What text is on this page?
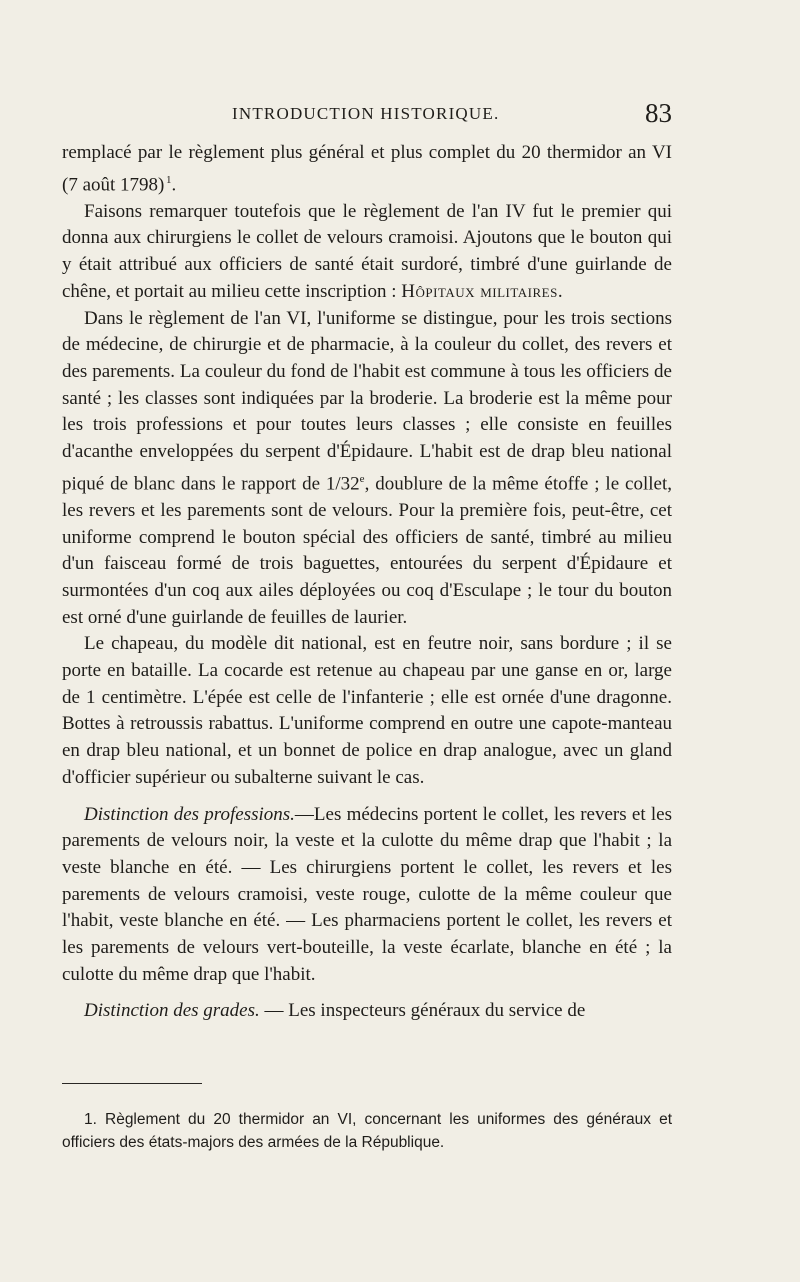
INTRODUCTION HISTORIQUE.	83

remplacé par le règlement plus général et plus complet du 20 thermidor an VI (7 août 1798)  $^1$.

Faisons remarquer toutefois que le règlement de l'an IV fut le premier qui donna aux chirurgiens le collet de velours cramoisi. Ajoutons que le bouton qui y était attribué aux officiers de santé était surdoré, timbré d'une guirlande de chêne, et portait au milieu cette inscription : Hôpitaux militaires.

Dans le règlement de l'an VI, l'uniforme se distingue, pour les trois sections de médecine, de chirurgie et de pharmacie, à la couleur du collet, des revers et des parements. La couleur du fond de l'habit est commune à tous les officiers de santé ; les classes sont indiquées par la broderie. La broderie est la même pour les trois professions et pour toutes leurs classes ; elle consiste en feuilles d'acanthe enveloppées du serpent d'Épidaure. L'habit est de drap bleu national piqué de blanc dans le rapport de 1/32e, doublure de la même étoffe ; le collet, les revers et les parements sont de velours. Pour la première fois, peut-être, cet uniforme comprend le bouton spécial des officiers de santé, timbré au milieu d'un faisceau formé de trois baguettes, entourées du serpent d'Épidaure et surmontées d'un coq aux ailes déployées ou coq d'Esculape ; le tour du bouton est orné d'une guirlande de feuilles de laurier.

Le chapeau, du modèle dit national, est en feutre noir, sans bordure ; il se porte en bataille. La cocarde est retenue au chapeau par une ganse en or, large de 1 centimètre. L'épée est celle de l'infanterie ; elle est ornée d'une dragonne. Bottes à retroussis rabattus. L'uniforme comprend en outre une capote-manteau en drap bleu national, et un bonnet de police en drap analogue, avec un gland d'officier supérieur ou subalterne suivant le cas.

Distinction des professions.—Les médecins portent le collet, les revers et les parements de velours noir, la veste et la culotte du même drap que l'habit ; la veste blanche en été. — Les chirurgiens portent le collet, les revers et les parements de velours cramoisi, veste rouge, culotte de la même couleur que l'habit, veste blanche en été. — Les pharmaciens portent le collet, les revers et les parements de velours vert-bouteille, la veste écarlate, blanche en été ; la culotte du même drap que l'habit.

Distinction des grades. — Les inspecteurs généraux du service de

1. Règlement du 20 thermidor an VI, concernant les uniformes des généraux et officiers des états-majors des armées de la République.
